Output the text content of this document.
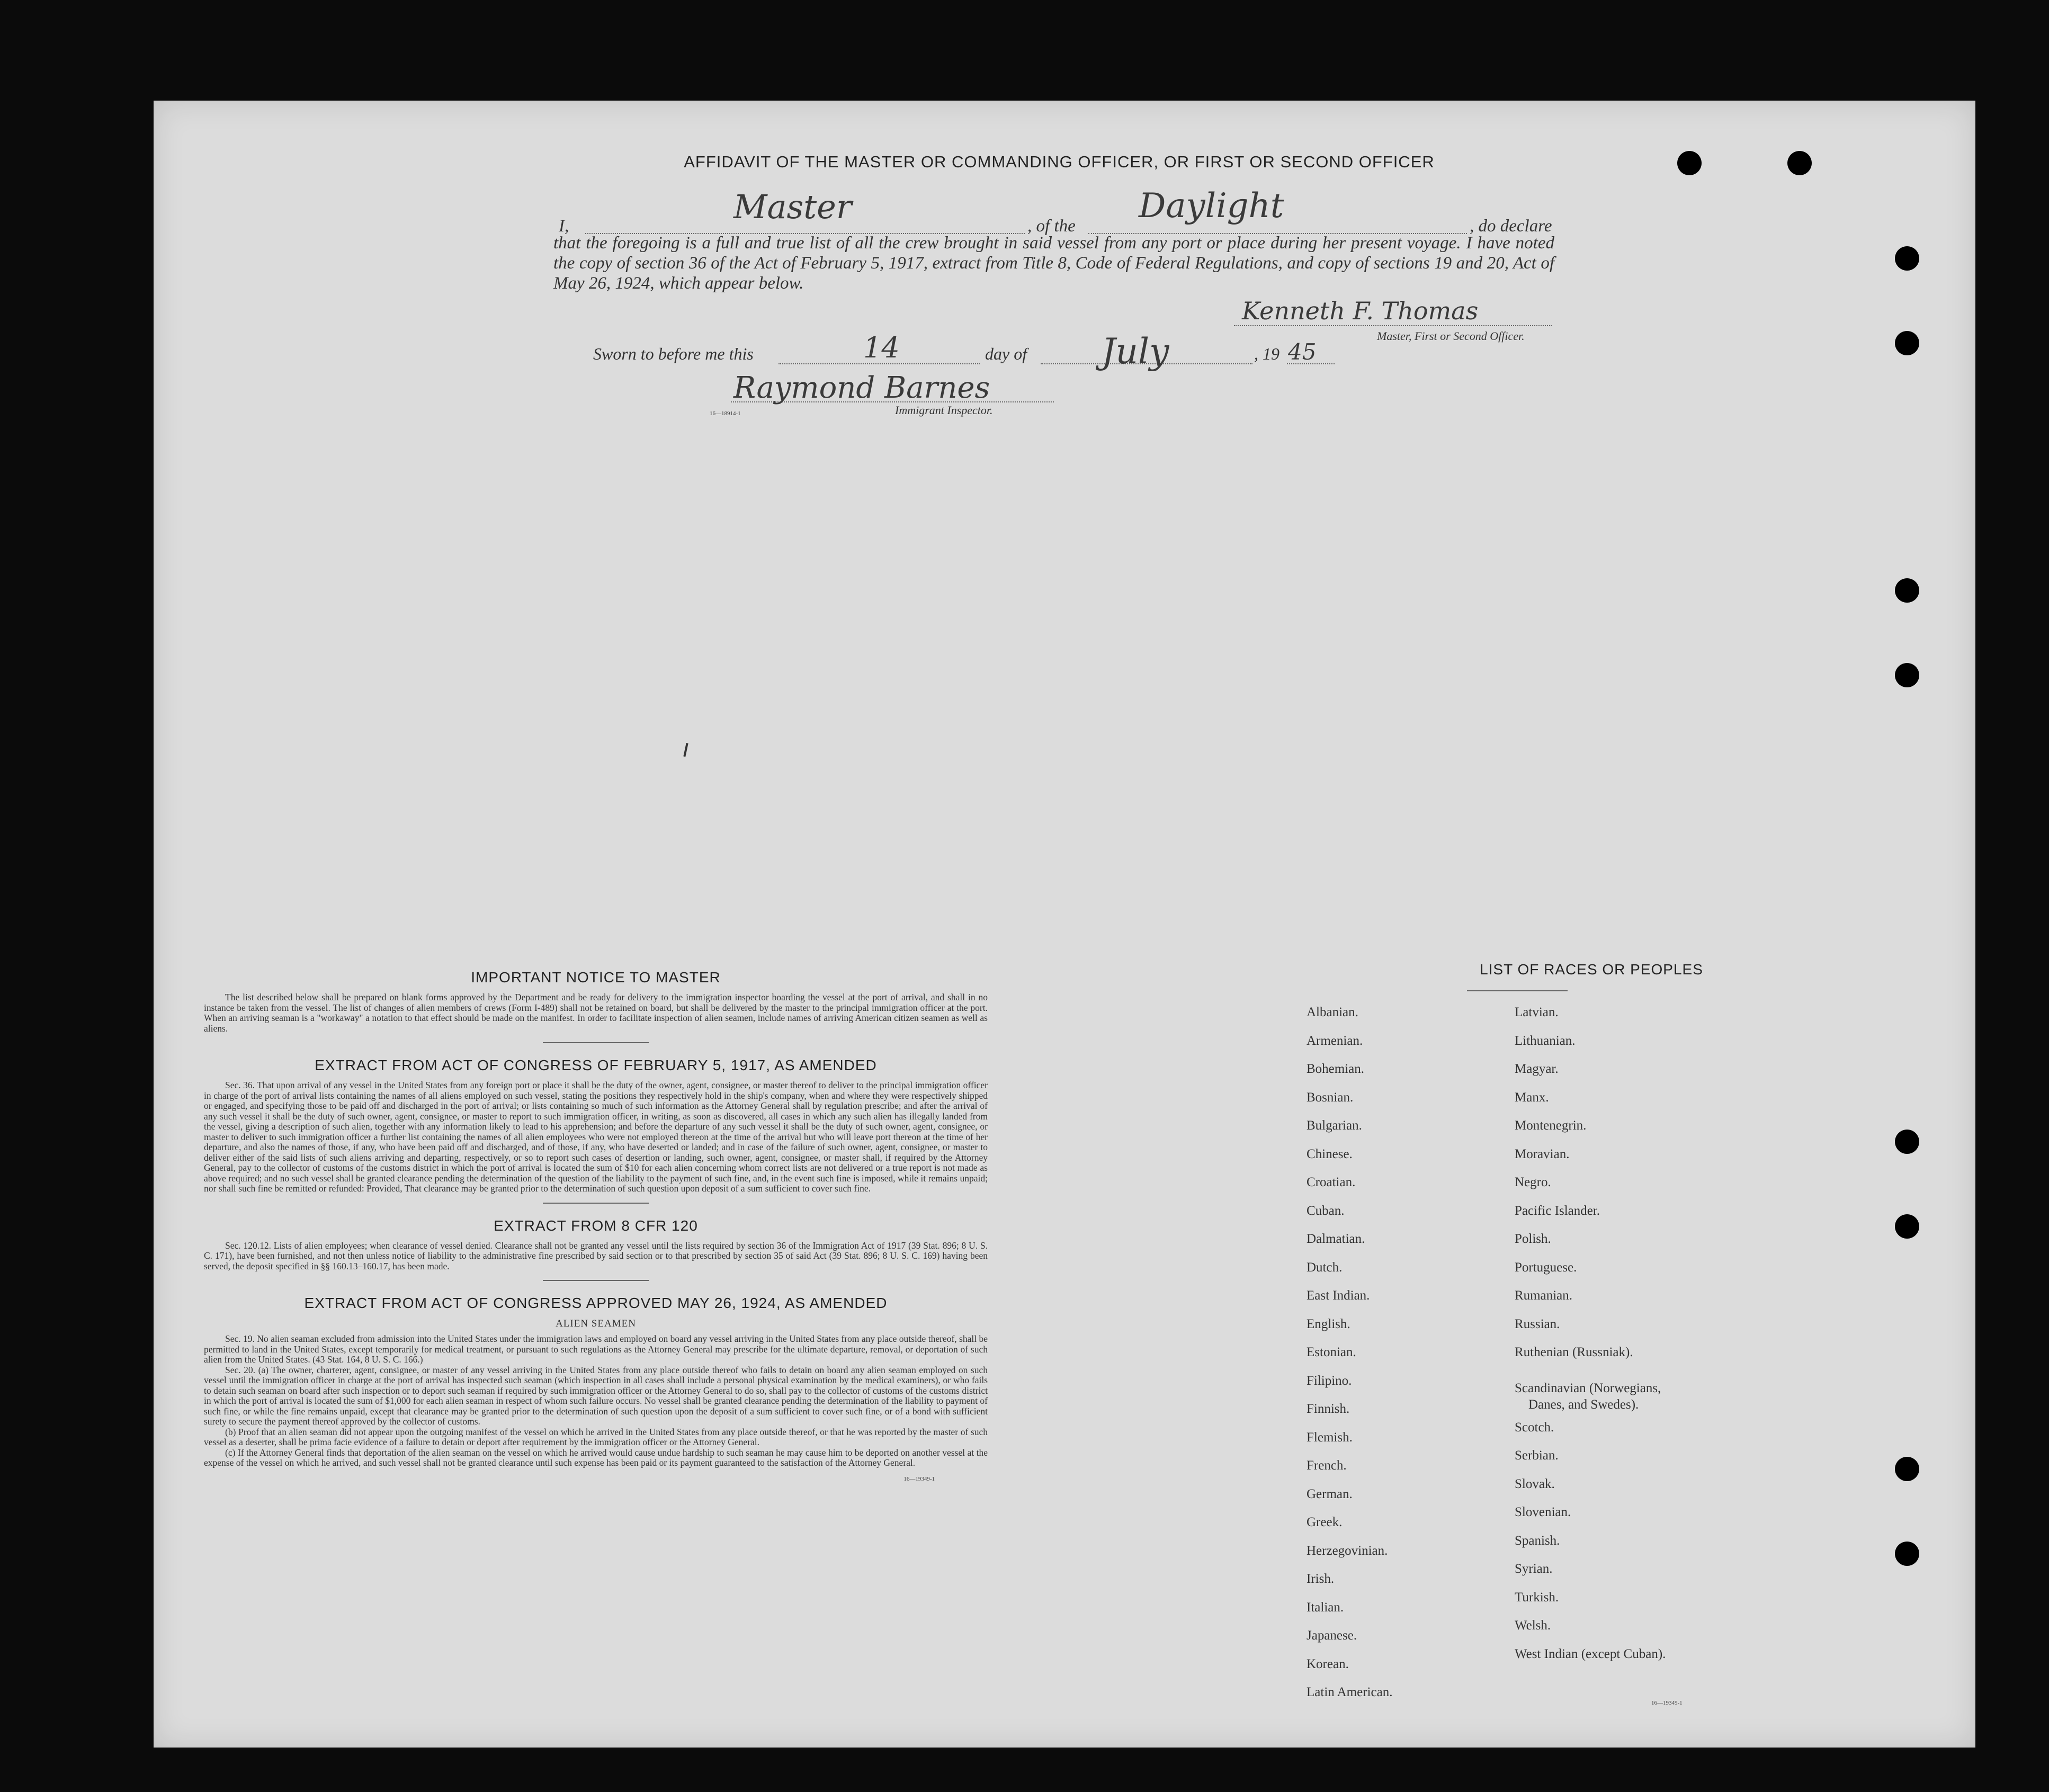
AFFIDAVIT OF THE MASTER OR COMMANDING OFFICER, OR FIRST OR SECOND OFFICER
I,	Master	, of the
Daylight
, do declare

that the foregoing is a full and true list of all the crew brought in said vessel from any port or place during her present voyage. I have noted the copy of section 36 of the Act of February 5, 1917, extract from Title 8, Code of Federal Regulations, and copy of sections 19 and 20, Act of May 26, 1924, which appear below.

Kenneth F. Thomas
Master, First or Second Officer.
Sworn to before me this	14	day of July	, 19 45
Raymond Barnes
Immigrant Inspector.
16—18914-1
IMPORTANT NOTICE TO MASTER

The list described below shall be prepared on blank forms approved by the Department and be ready for delivery to the immigration inspector boarding the vessel at the port of arrival, and shall in no instance be taken from the vessel. The list of changes of alien members of crews (Form I-489) shall not be retained on board, but shall be delivered by the master to the principal immigration officer at the port. When an arriving seaman is a "workaway" a notation to that effect should be made on the manifest. In order to facilitate inspection of alien seamen, include names of arriving American citizen seamen as well as aliens.

EXTRACT FROM ACT OF CONGRESS OF FEBRUARY 5, 1917, AS AMENDED

Sec. 36. That upon arrival of any vessel in the United States from any foreign port or place it shall be the duty of the owner, agent, consignee, or master thereof to deliver to the principal immigration officer in charge of the port of arrival lists containing the names of all aliens employed on such vessel, stating the positions they respectively hold in the ship's company, when and where they were respectively shipped or engaged, and specifying those to be paid off and discharged in the port of arrival; or lists containing so much of such information as the Attorney General shall by regulation prescribe; and after the arrival of any such vessel it shall be the duty of such owner, agent, consignee, or master to report to such immigration officer, in writing, as soon as discovered, all cases in which any such alien has illegally landed from the vessel, giving a description of such alien, together with any information likely to lead to his apprehension; and before the departure of any such vessel it shall be the duty of such owner, agent, consignee, or master to deliver to such immigration officer a further list containing the names of all alien employees who were not employed thereon at the time of the arrival but who will leave port thereon at the time of her departure, and also the names of those, if any, who have been paid off and discharged, and of those, if any, who have deserted or landed; and in case of the failure of such owner, agent, consignee, or master to deliver either of the said lists of such aliens arriving and departing, respectively, or so to report such cases of desertion or landing, such owner, agent, consignee, or master shall, if required by the Attorney General, pay to the collector of customs of the customs district in which the port of arrival is located the sum of $10 for each alien concerning whom correct lists are not delivered or a true report is not made as above required; and no such vessel shall be granted clearance pending the determination of the question of the liability to the payment of such fine, and, in the event such fine is imposed, while it remains unpaid; nor shall such fine be remitted or refunded: Provided, That clearance may be granted prior to the determination of such question upon deposit of a sum sufficient to cover such fine.

EXTRACT FROM 8 CFR 120

Sec. 120.12. Lists of alien employees; when clearance of vessel denied. Clearance shall not be granted any vessel until the lists required by section 36 of the Immigration Act of 1917 (39 Stat. 896; 8 U. S. C. 171), have been furnished, and not then unless notice of liability to the administrative fine prescribed by said section or to that prescribed by section 35 of said Act (39 Stat. 896; 8 U. S. C. 169) having been served, the deposit specified in §§ 160.13–160.17, has been made.

EXTRACT FROM ACT OF CONGRESS APPROVED MAY 26, 1924, AS AMENDED
ALIEN SEAMEN

Sec. 19. No alien seaman excluded from admission into the United States under the immigration laws and employed on board any vessel arriving in the United States from any place outside thereof, shall be permitted to land in the United States, except temporarily for medical treatment, or pursuant to such regulations as the Attorney General may prescribe for the ultimate departure, removal, or deportation of such alien from the United States. (43 Stat. 164, 8 U. S. C. 166.)

Sec. 20. (a) The owner, charterer, agent, consignee, or master of any vessel arriving in the United States from any place outside thereof who fails to detain on board any alien seaman employed on such vessel until the immigration officer in charge at the port of arrival has inspected such seaman (which inspection in all cases shall include a personal physical examination by the medical examiners), or who fails to detain such seaman on board after such inspection or to deport such seaman if required by such immigration officer or the Attorney General to do so, shall pay to the collector of customs of the customs district in which the port of arrival is located the sum of $1,000 for each alien seaman in respect of whom such failure occurs. No vessel shall be granted clearance pending the determination of the liability to payment of such fine, or while the fine remains unpaid, except that clearance may be granted prior to the determination of such question upon the deposit of a sum sufficient to cover such fine, or of a bond with sufficient surety to secure the payment thereof approved by the collector of customs.

(b) Proof that an alien seaman did not appear upon the outgoing manifest of the vessel on which he arrived in the United States from any place outside thereof, or that he was reported by the master of such vessel as a deserter, shall be prima facie evidence of a failure to detain or deport after requirement by the immigration officer or the Attorney General.

(c) If the Attorney General finds that deportation of the alien seaman on the vessel on which he arrived would cause undue hardship to such seaman he may cause him to be deported on another vessel at the expense of the vessel on which he arrived, and such vessel shall not be granted clearance until such expense has been paid or its payment guaranteed to the satisfaction of the Attorney General.

16—19349-1
LIST OF RACES OR PEOPLES
Albanian.
Armenian.
Bohemian.
Bosnian.
Bulgarian.
Chinese.
Croatian.
Cuban.
Dalmatian.
Dutch.
East Indian.
English.
Estonian.
Filipino.
Finnish.
Flemish.
French.
German.
Greek.
Herzegovinian.
Irish.
Italian.
Japanese.
Korean.
Latin American.
Latvian.
Lithuanian.
Magyar.
Manx.
Montenegrin.
Moravian.
Negro.
Pacific Islander.
Polish.
Portuguese.
Rumanian.
Russian.
Ruthenian (Russniak).
Scandinavian (Norwegians,
Danes, and Swedes).
Scotch.
Serbian.
Slovak.
Slovenian.
Spanish.
Syrian.
Turkish.
Welsh.
West Indian (except Cuban).
16—19349-1
